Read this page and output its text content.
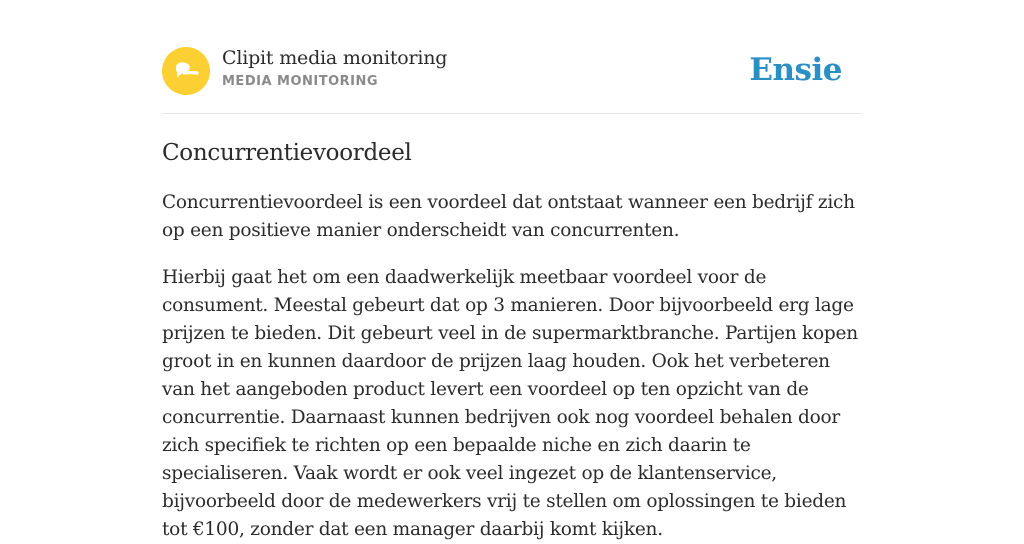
Clipit media monitoring
MEDIA MONITORING	Ensie
Concurrentievoordeel

Concurrentievoordeel is een voordeel dat ontstaat wanneer een bedrijf zich op een positieve manier onderscheidt van concurrenten.

Hierbij gaat het om een daadwerkelijk meetbaar voordeel voor de consument. Meestal gebeurt dat op 3 manieren. Door bijvoorbeeld erg lage prijzen te bieden. Dit gebeurt veel in de supermarktbranche. Partijen kopen groot in en kunnen daardoor de prijzen laag houden. Ook het verbeteren van het aangeboden product levert een voordeel op ten opzicht van de concurrentie. Daarnaast kunnen bedrijven ook nog voordeel behalen door zich specifiek te richten op een bepaalde niche en zich daarin te specialiseren. Vaak wordt er ook veel ingezet op de klantenservice, bijvoorbeeld door de medewerkers vrij te stellen om oplossingen te bieden tot €100, zonder dat een manager daarbij komt kijken.
